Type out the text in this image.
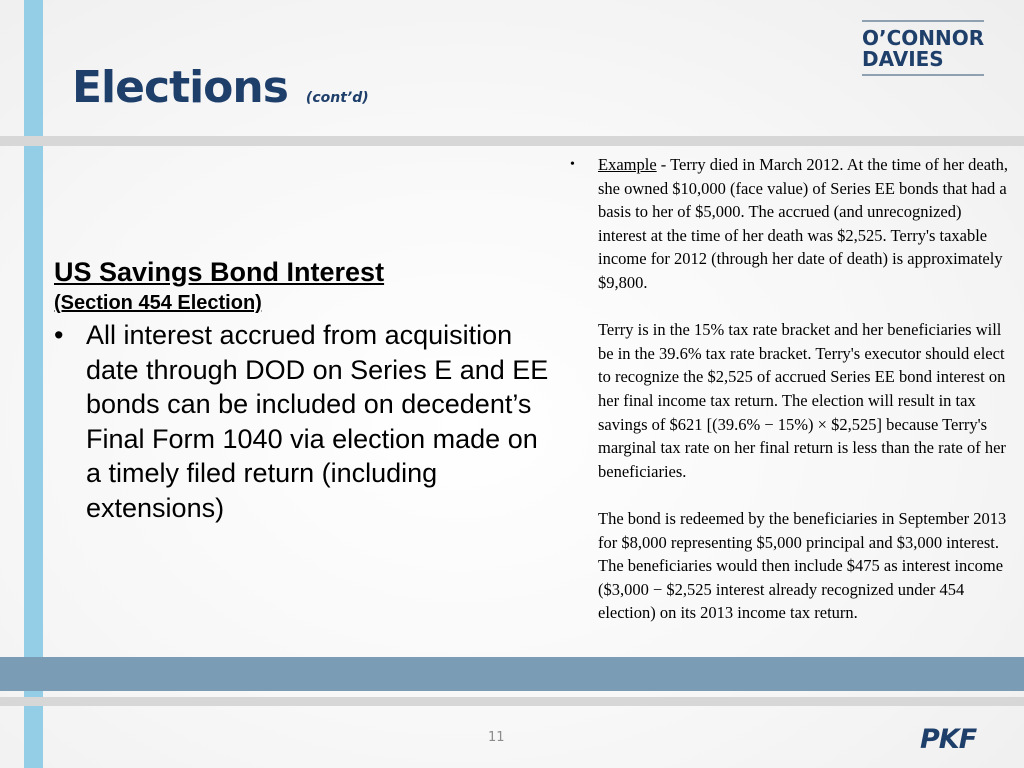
Elections (cont’d)
O’CONNOR
DAVIES

US Savings Bond Interest

(Section 454 Election)

• All interest accrued from acquisition date through DOD on Series E and EE bonds can be included on decedent’s Final Form 1040 via election made on a timely filed return (including extensions)
• Example - Terry died in March 2012. At the time of her death, she owned $10,000 (face value) of Series EE bonds that had a basis to her of $5,000. The accrued (and unrecognized) interest at the time of her death was $2,525. Terry's taxable income for 2012 (through her date of death) is approximately $9,800.

Terry is in the 15% tax rate bracket and her beneficiaries will be in the 39.6% tax rate bracket. Terry's executor should elect to recognize the $2,525 of accrued Series EE bond interest on her final income tax return. The election will result in tax savings of $621 [(39.6% − 15%) × $2,525] because Terry's marginal tax rate on her final return is less than the rate of her beneficiaries.

The bond is redeemed by the beneficiaries in September 2013 for $8,000 representing $5,000 principal and $3,000 interest. The beneficiaries would then include $475 as interest income ($3,000 − $2,525 interest already recognized under 454 election) on its 2013 income tax return.

11	PKF
